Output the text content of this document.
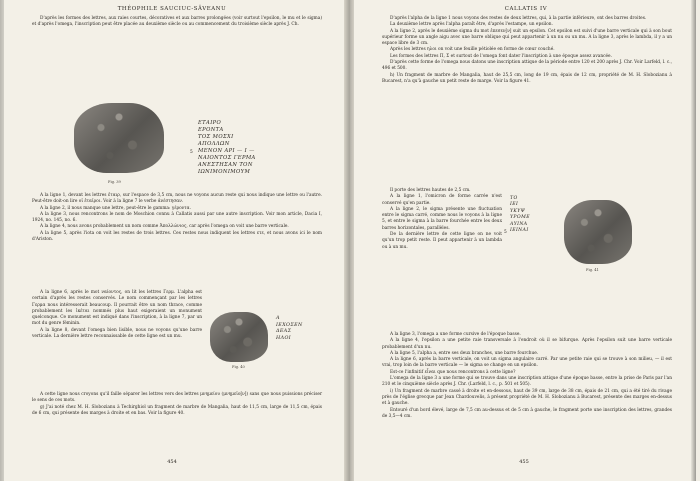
THÉOPHILE SAUCIUC-SĂVEANU

D'après les formes des lettres, aux raies courtes, décoratives et aux barres prolongées (voir surtout l'epsilon, le mu et le sigma) et d'après l'omega, l'inscription peut être placée au deuxième siècle ou au commencement du troisième siècle après J. Ch.

Fig. 39
5
ΕΤΑΙΡΟ
ΕΡΟΝΤΑ
ΤΟΣ ΜΟΣΧΙ
ΑΠΟΛΛΩΝ
ΜΕΝΟΝ ΑΡΙ — Ι —
ΝΑΙΟΝΤΟΣ ΓΕΡΜΑ
ΑΝΕΣΤΗΣΑΝ ΤΟΝ
ΙΩΝΙΜΟΝΙΜΟΥΜ

A la ligne 1, devant les lettres ἑταιρ, sur l'espace de 3,5 cm, nous ne voyons aucun reste qui nous indique une lettre ou l'autre. Peut-être doit-on lire οἱ ἑταῖροι. Voir à la ligne 7 le verbe ἀνέστησαν.

A la ligne 2, il nous manque une lettre, peut-être le gamma: γέροντα.

A la ligne 3, nous rencontrons le nom de Moschion connu à Callatis aussi par une autre inscription. Voir mon article, Dacia I, 1924, no. 145, no. 6.

A la ligne 4, nous avons probablement un nom comme Ἀπολλώνιος, car après l'omega on voit une barre verticale.

A la ligne 5, après l'iota on voit les restes de trois lettres. Ces restes nous indiquent les lettres ετε, et nous avons ici le nom d'Ariston.

A la ligne 6, après le mot ναίοντος, on lit les lettres Γερμ. L'alpha est certain d'après les restes conservés. Le nom commençant par les lettres Γερμα nous intéresserait beaucoup. Il pourrait être un nom thrace, comme probablement les ἱκέται nommés plus haut exigeraient un monument quelconque. Ce monument est indiqué dans l'inscription, à la ligne 7, par un mot du genre féminin.

A la ligne 8, devant l'omega bien lisible, nous ne voyons qu'une barre verticale. La dernière lettre reconnaissable de cette ligne est un mu.

Fig. 40
Α
ΙΕΧΟΣΕΝ
ΔΕΑΣ
ΗΛΟΙ

A cette ligne nous croyons qu'il faille séparer les lettres vers des lettres μνημείου (μνημεῖο[ν]) sans que nous puissions préciser le sens de ces mots.

g) J'ai noté chez M. H. Slobozianu à Techirghiol un fragment de marbre de Mangalia, haut de 11,5 cm, large de 11,5 cm, épais de 6 cm, qui présente des marges à droite et en bas. Voir la figure 40.

454
CALLATIS IV

D'après l'alpha de la ligne 1 nous voyons des restes de deux lettres, qui, à la partie inférieure, ont des barres droites.

La deuxième lettre après l'alpha paraît être, d'après l'estampe, un epsilon.

A la ligne 2, après le deuxième sigma du mot ἐπεσεν[ν] suit un epsilon. Cet epsilon est suivi d'une barre verticale qui à son bout supérieur forme un angle aigu avec une barre oblique qui peut appartenir à un nu ou un mu. A la ligne 3, après le lambda, il y a un espace libre de 3 cm.

Après les lettres ηλοι on voit une feuille pétiolée en forme de cœur couché.

Les formes des lettres Π, Σ et surtout de l'omega font dater l'inscription à une époque assez avancée.

D'après cette forme de l'omega nous datons une inscription attique de la période entre 120 et 200 après J. Chr. Voir Larfeld, l. c., 496 et 500.

h) Un fragment de marbre de Mangalia, haut de 25,5 cm, long de 19 cm, épais de 12 cm, propriété de M. H. Slobozianu à Bucarest, n'a qu'à gauche un petit reste de marge. Voir la figure 41.

Il porte des lettres hautes de 2,5 cm.

A la ligne 1, l'omicron de forme carrée n'est conservé qu'en partie.

A la ligne 2, le sigma présente une fluctuation entre le sigma carré, comme nous le voyons à la ligne 5, et entre le sigma à la barre fourchée entre les deux barres horizontales, parallèles.

De la dernière lettre de cette ligne on ne voit qu'un trop petit reste. Il peut appartenir à un lambda ou à un mu.

5
ΤΟ
ΙΕΙ
ΥΚΥΨ
ΥΡΟΜΕ
ΑΥΙΝΑ
ΙΕΙΝΑΙ
Fig. 41

A la ligne 3, l'omega a une forme cursive de l'époque basse.

A la ligne 4, l'epsilon a une petite raie transversale à l'endroit où il se bifurque. Après l'epsilon suit une barre verticale probablement d'un nu.

A la ligne 5, l'alpha a, entre ses deux branches, une barre fourchue.

A la ligne 6, après la barre verticale, on voit un sigma angulaire carré. Par une petite raie qui se trouve à son milieu, — il est vrai, trop loin de la barre verticale — le sigma se change en un epsilon.

Est-ce l'infinitif εἶναι que nous rencontrons à cette ligne?

L'omega de la ligne 3 a une forme qui se trouve dans une inscription attique d'une époque basse, entre la prise de Paris par l'an 210 et le cinquième siècle après J. Chr. (Larfeld, l. c., p. 501 et 505).

i) Un fragment de marbre cassé à droite et en-dessous, haut de 39 cm, large de 38 cm, épais de 21 cm, qui a été tiré du rivage près de l'église grecque par Jean Chardouvelis, à présent propriété de M. H. Slobozianu à Bucarest, présente des marges en-dessus et à gauche.

Entouré d'un bord élevé, large de 7,5 cm au-dessus et de 5 cm à gauche, le fragment porte une inscription des lettres, grandes de 3,5—4 cm.

455
